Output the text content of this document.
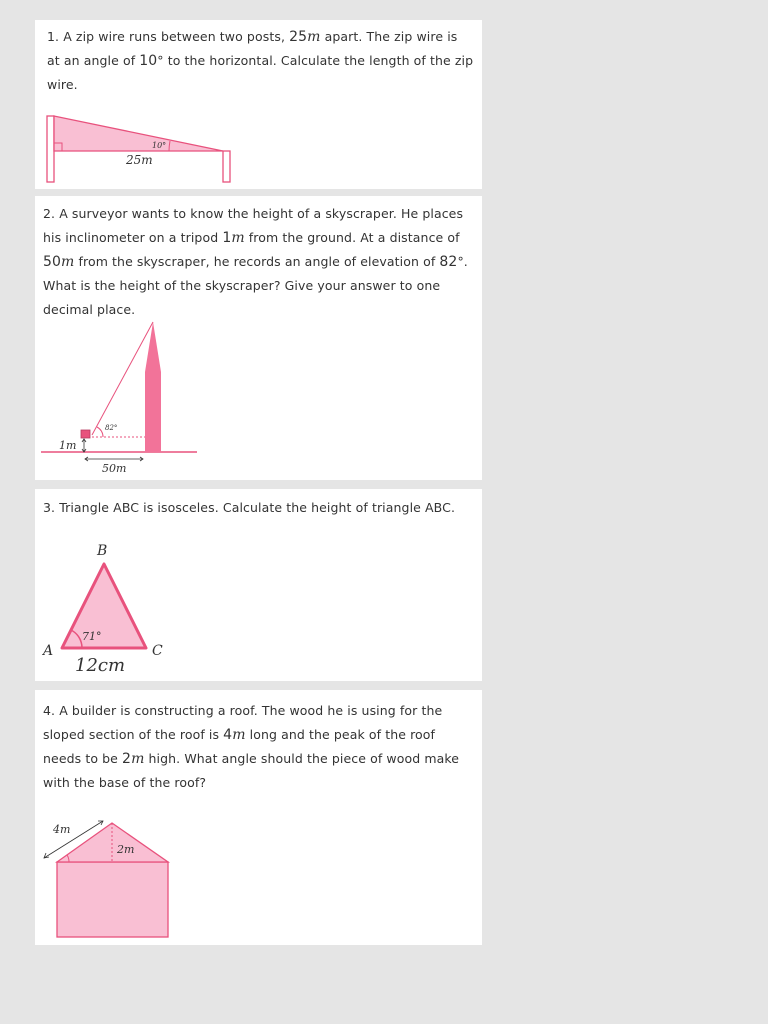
1. A zip wire runs between two posts, 25m apart. The zip wire is at an angle of 10° to the horizontal. Calculate the length of the zip wire.

10°
25m

2. A surveyor wants to know the height of a skyscraper. He places his inclinometer on a tripod 1m from the ground. At a distance of 50m from the skyscraper, he records an angle of elevation of 82°. What is the height of the skyscraper? Give your answer to one decimal place.

82°
1m
50m

3. Triangle ABC is isosceles. Calculate the height of triangle ABC.

71°
A
B
C
12cm

4. A builder is constructing a roof. The wood he is using for the sloped section of the roof is 4m long and the peak of the roof needs to be 2m high. What angle should the piece of wood make with the base of the roof?

4m
2m
